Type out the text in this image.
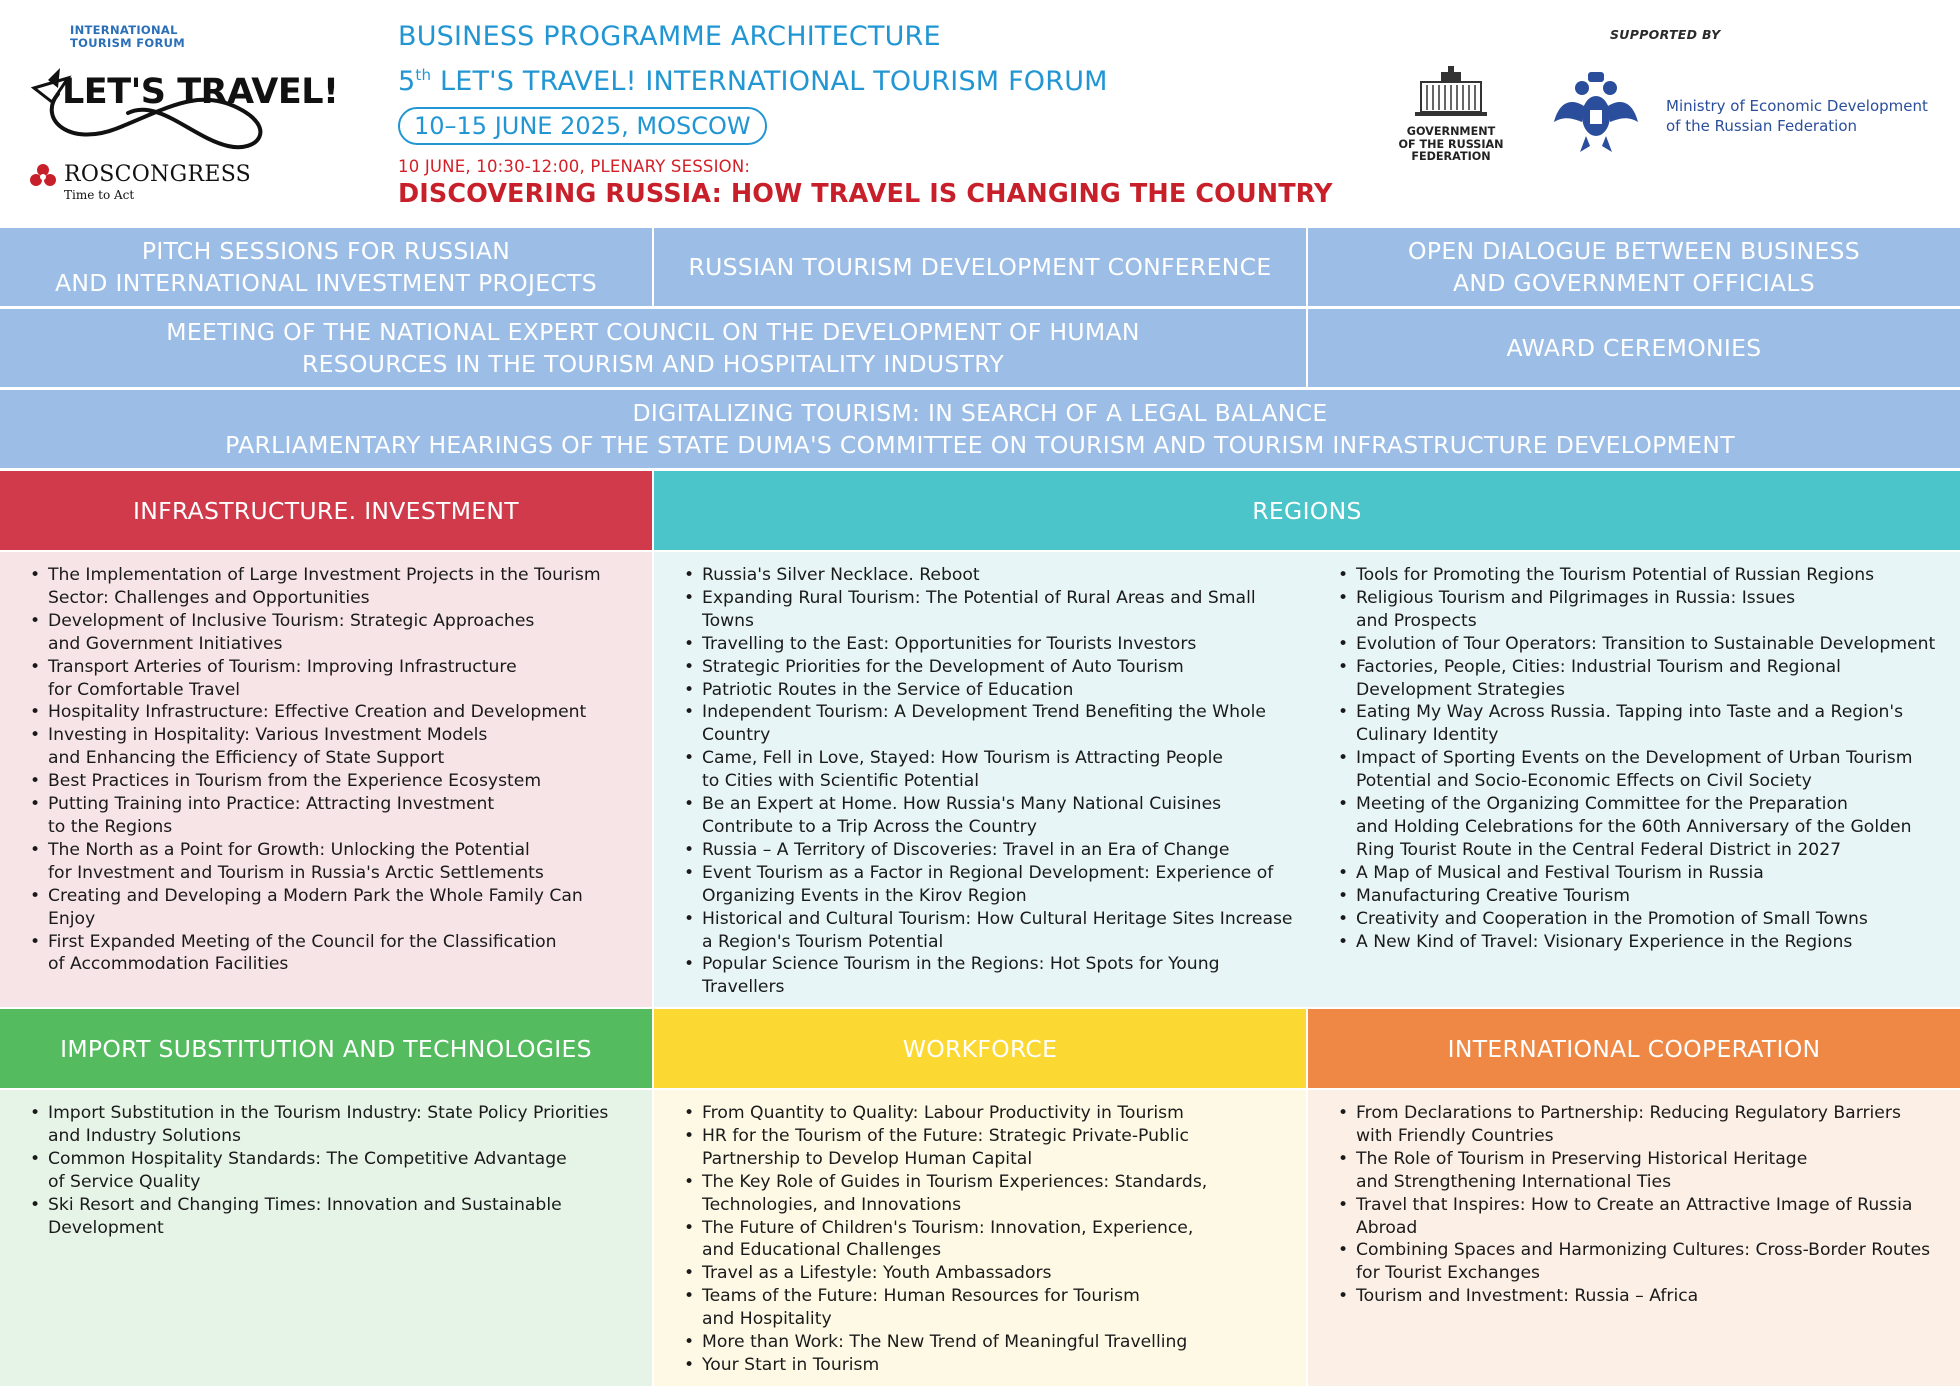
INTERNATIONAL
TOURISM FORUM
LET'S TRAVEL!
ROSCONGRESS
Time to Act
BUSINESS PROGRAMME ARCHITECTURE
5th LET'S TRAVEL! INTERNATIONAL TOURISM FORUM
10–15 JUNE 2025, MOSCOW
10 JUNE, 10:30-12:00, PLENARY SESSION:
DISCOVERING RUSSIA: HOW TRAVEL IS CHANGING THE COUNTRY
SUPPORTED BY
GOVERNMENT
OF THE RUSSIAN
FEDERATION
Ministry of Economic Development
of the Russian Federation
PITCH SESSIONS FOR RUSSIAN
AND INTERNATIONAL INVESTMENT PROJECTS
RUSSIAN TOURISM DEVELOPMENT CONFERENCE
OPEN DIALOGUE BETWEEN BUSINESS
AND GOVERNMENT OFFICIALS
MEETING OF THE NATIONAL EXPERT COUNCIL ON THE DEVELOPMENT OF HUMAN
RESOURCES IN THE TOURISM AND HOSPITALITY INDUSTRY
AWARD CEREMONIES
DIGITALIZING TOURISM: IN SEARCH OF A LEGAL BALANCE
PARLIAMENTARY HEARINGS OF THE STATE DUMA'S COMMITTEE ON TOURISM AND TOURISM INFRASTRUCTURE DEVELOPMENT
INFRASTRUCTURE. INVESTMENT	REGIONS
• The Implementation of Large Investment Projects in the Tourism Sector: Challenges and Opportunities
• Development of Inclusive Tourism: Strategic Approaches
and Government Initiatives
• Transport Arteries of Tourism: Improving Infrastructure
for Comfortable Travel
• Hospitality Infrastructure: Effective Creation and Development
• Investing in Hospitality: Various Investment Models
and Enhancing the Efficiency of State Support
• Best Practices in Tourism from the Experience Ecosystem
• Putting Training into Practice: Attracting Investment
to the Regions
• The North as a Point for Growth: Unlocking the Potential
for Investment and Tourism in Russia's Arctic Settlements
• Creating and Developing a Modern Park the Whole Family Can Enjoy
• First Expanded Meeting of the Council for the Classification
of Accommodation Facilities
• Russia's Silver Necklace. Reboot
• Expanding Rural Tourism: The Potential of Rural Areas and Small Towns
• Travelling to the East: Opportunities for Tourists Investors
• Strategic Priorities for the Development of Auto Tourism
• Patriotic Routes in the Service of Education
• Independent Tourism: A Development Trend Benefiting the Whole Country
• Came, Fell in Love, Stayed: How Tourism is Attracting People
to Cities with Scientific Potential
• Be an Expert at Home. How Russia's Many National Cuisines Contribute to a Trip Across the Country
• Russia – A Territory of Discoveries: Travel in an Era of Change
• Event Tourism as a Factor in Regional Development: Experience of Organizing Events in the Kirov Region
• Historical and Cultural Tourism: How Cultural Heritage Sites Increase a Region's Tourism Potential
• Popular Science Tourism in the Regions: Hot Spots for Young Travellers
• Tools for Promoting the Tourism Potential of Russian Regions
• Religious Tourism and Pilgrimages in Russia: Issues
and Prospects
• Evolution of Tour Operators: Transition to Sustainable Development
• Factories, People, Cities: Industrial Tourism and Regional Development Strategies
• Eating My Way Across Russia. Tapping into Taste and a Region's Culinary Identity
• Impact of Sporting Events on the Development of Urban Tourism Potential and Socio-Economic Effects on Civil Society
• Meeting of the Organizing Committee for the Preparation
and Holding Celebrations for the 60th Anniversary of the Golden Ring Tourist Route in the Central Federal District in 2027
• A Map of Musical and Festival Tourism in Russia
• Manufacturing Creative Tourism
• Creativity and Cooperation in the Promotion of Small Towns
• A New Kind of Travel: Visionary Experience in the Regions
IMPORT SUBSTITUTION AND TECHNOLOGIES	WORKFORCE	INTERNATIONAL COOPERATION
• Import Substitution in the Tourism Industry: State Policy Priorities and Industry Solutions
• Common Hospitality Standards: The Competitive Advantage
of Service Quality
• Ski Resort and Changing Times: Innovation and Sustainable Development
• From Quantity to Quality: Labour Productivity in Tourism
• HR for the Tourism of the Future: Strategic Private-Public Partnership to Develop Human Capital
• The Key Role of Guides in Tourism Experiences: Standards, Technologies, and Innovations
• The Future of Children's Tourism: Innovation, Experience,
and Educational Challenges
• Travel as a Lifestyle: Youth Ambassadors
• Teams of the Future: Human Resources for Tourism
and Hospitality
• More than Work: The New Trend of Meaningful Travelling
• Your Start in Tourism
• From Declarations to Partnership: Reducing Regulatory Barriers with Friendly Countries
• The Role of Tourism in Preserving Historical Heritage
and Strengthening International Ties
• Travel that Inspires: How to Create an Attractive Image of Russia Abroad
• Combining Spaces and Harmonizing Cultures: Cross-Border Routes for Tourist Exchanges
• Tourism and Investment: Russia – Africa
